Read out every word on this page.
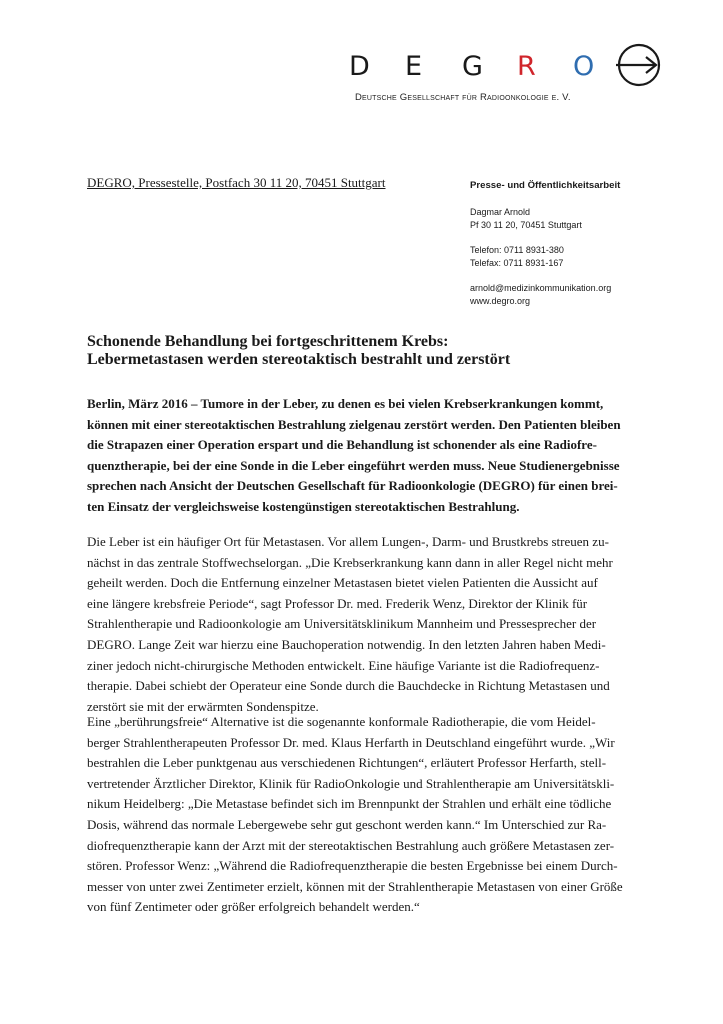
D E G R O
Deutsche Gesellschaft für Radioonkologie e. V.
DEGRO, Pressestelle, Postfach 30 11 20, 70451 Stuttgart	Presse- und Öffentlichkeitsarbeit
Dagmar Arnold
Pf 30 11 20, 70451 Stuttgart
Telefon: 0711 8931-380
Telefax: 0711 8931-167
arnold@medizinkommunikation.org
www.degro.org
Schonende Behandlung bei fortgeschrittenem Krebs:
Lebermetastasen werden stereotaktisch bestrahlt und zerstört
Berlin, März 2016 – Tumore in der Leber, zu denen es bei vielen Krebserkrankungen kommt,
können mit einer stereotaktischen Bestrahlung zielgenau zerstört werden. Den Patienten bleiben
die Strapazen einer Operation erspart und die Behandlung ist schonender als eine Radiofre-
quenztherapie, bei der eine Sonde in die Leber eingeführt werden muss. Neue Studienergebnisse
sprechen nach Ansicht der Deutschen Gesellschaft für Radioonkologie (DEGRO) für einen brei-
ten Einsatz der vergleichsweise kostengünstigen stereotaktischen Bestrahlung.
Die Leber ist ein häufiger Ort für Metastasen. Vor allem Lungen-, Darm- und Brustkrebs streuen zu-
nächst in das zentrale Stoffwechselorgan. „Die Krebserkrankung kann dann in aller Regel nicht mehr
geheilt werden. Doch die Entfernung einzelner Metastasen bietet vielen Patienten die Aussicht auf
eine längere krebsfreie Periode“, sagt Professor Dr. med. Frederik Wenz, Direktor der Klinik für
Strahlentherapie und Radioonkologie am Universitätsklinikum Mannheim und Pressesprecher der
DEGRO. Lange Zeit war hierzu eine Bauchoperation notwendig. In den letzten Jahren haben Medi-
ziner jedoch nicht-chirurgische Methoden entwickelt. Eine häufige Variante ist die Radiofrequenz-
therapie. Dabei schiebt der Operateur eine Sonde durch die Bauchdecke in Richtung Metastasen und
zerstört sie mit der erwärmten Sondenspitze.
Eine „berührungsfreie“ Alternative ist die sogenannte konformale Radiotherapie, die vom Heidel-
berger Strahlentherapeuten Professor Dr. med. Klaus Herfarth in Deutschland eingeführt wurde. „Wir
bestrahlen die Leber punktgenau aus verschiedenen Richtungen“, erläutert Professor Herfarth, stell-
vertretender Ärztlicher Direktor, Klinik für RadioOnkologie und Strahlentherapie am Universitätskli-
nikum Heidelberg: „Die Metastase befindet sich im Brennpunkt der Strahlen und erhält eine tödliche
Dosis, während das normale Lebergewebe sehr gut geschont werden kann.“ Im Unterschied zur Ra-
diofrequenztherapie kann der Arzt mit der stereotaktischen Bestrahlung auch größere Metastasen zer-
stören. Professor Wenz: „Während die Radiofrequenztherapie die besten Ergebnisse bei einem Durch-
messer von unter zwei Zentimeter erzielt, können mit der Strahlentherapie Metastasen von einer Größe
von fünf Zentimeter oder größer erfolgreich behandelt werden.“
